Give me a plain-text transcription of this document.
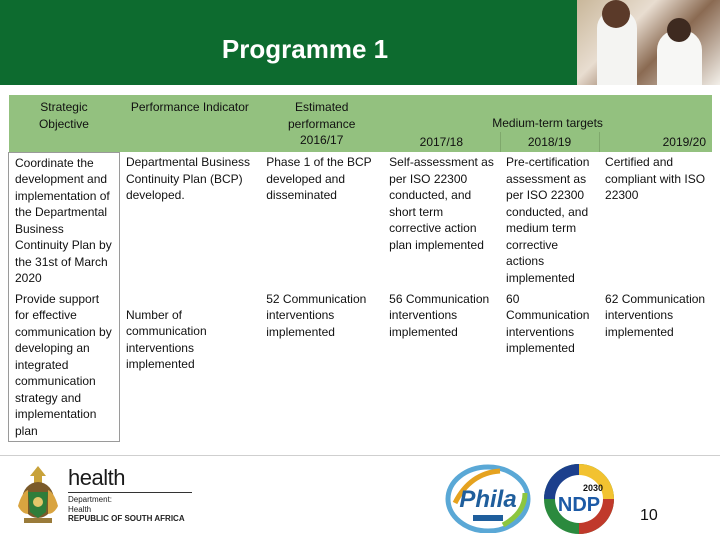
Programme 1
Strategic Objective	Performance Indicator	Estimated performance 2016/17	Medium-term targets		
			2017/18	2018/19	2019/20
Coordinate the development and implementation of the Departmental Business Continuity Plan by the 31st of March 2020	Departmental Business Continuity Plan (BCP) developed.	Phase 1 of the BCP developed and disseminated	Self-assessment as per ISO 22300 conducted, and short term corrective action plan implemented	Pre-certification assessment as per ISO 22300 conducted, and medium term corrective actions implemented	Certified and compliant with ISO 22300
Provide support for effective communication by developing an integrated communication strategy and implementation plan	Number of communication interventions implemented	52 Communication interventions implemented	56 Communication interventions implemented	60 Communication interventions implemented	62 Communication interventions implemented
health
Department:
Health
REPUBLIC OF SOUTH AFRICA
Phila	2030
NDP 10
